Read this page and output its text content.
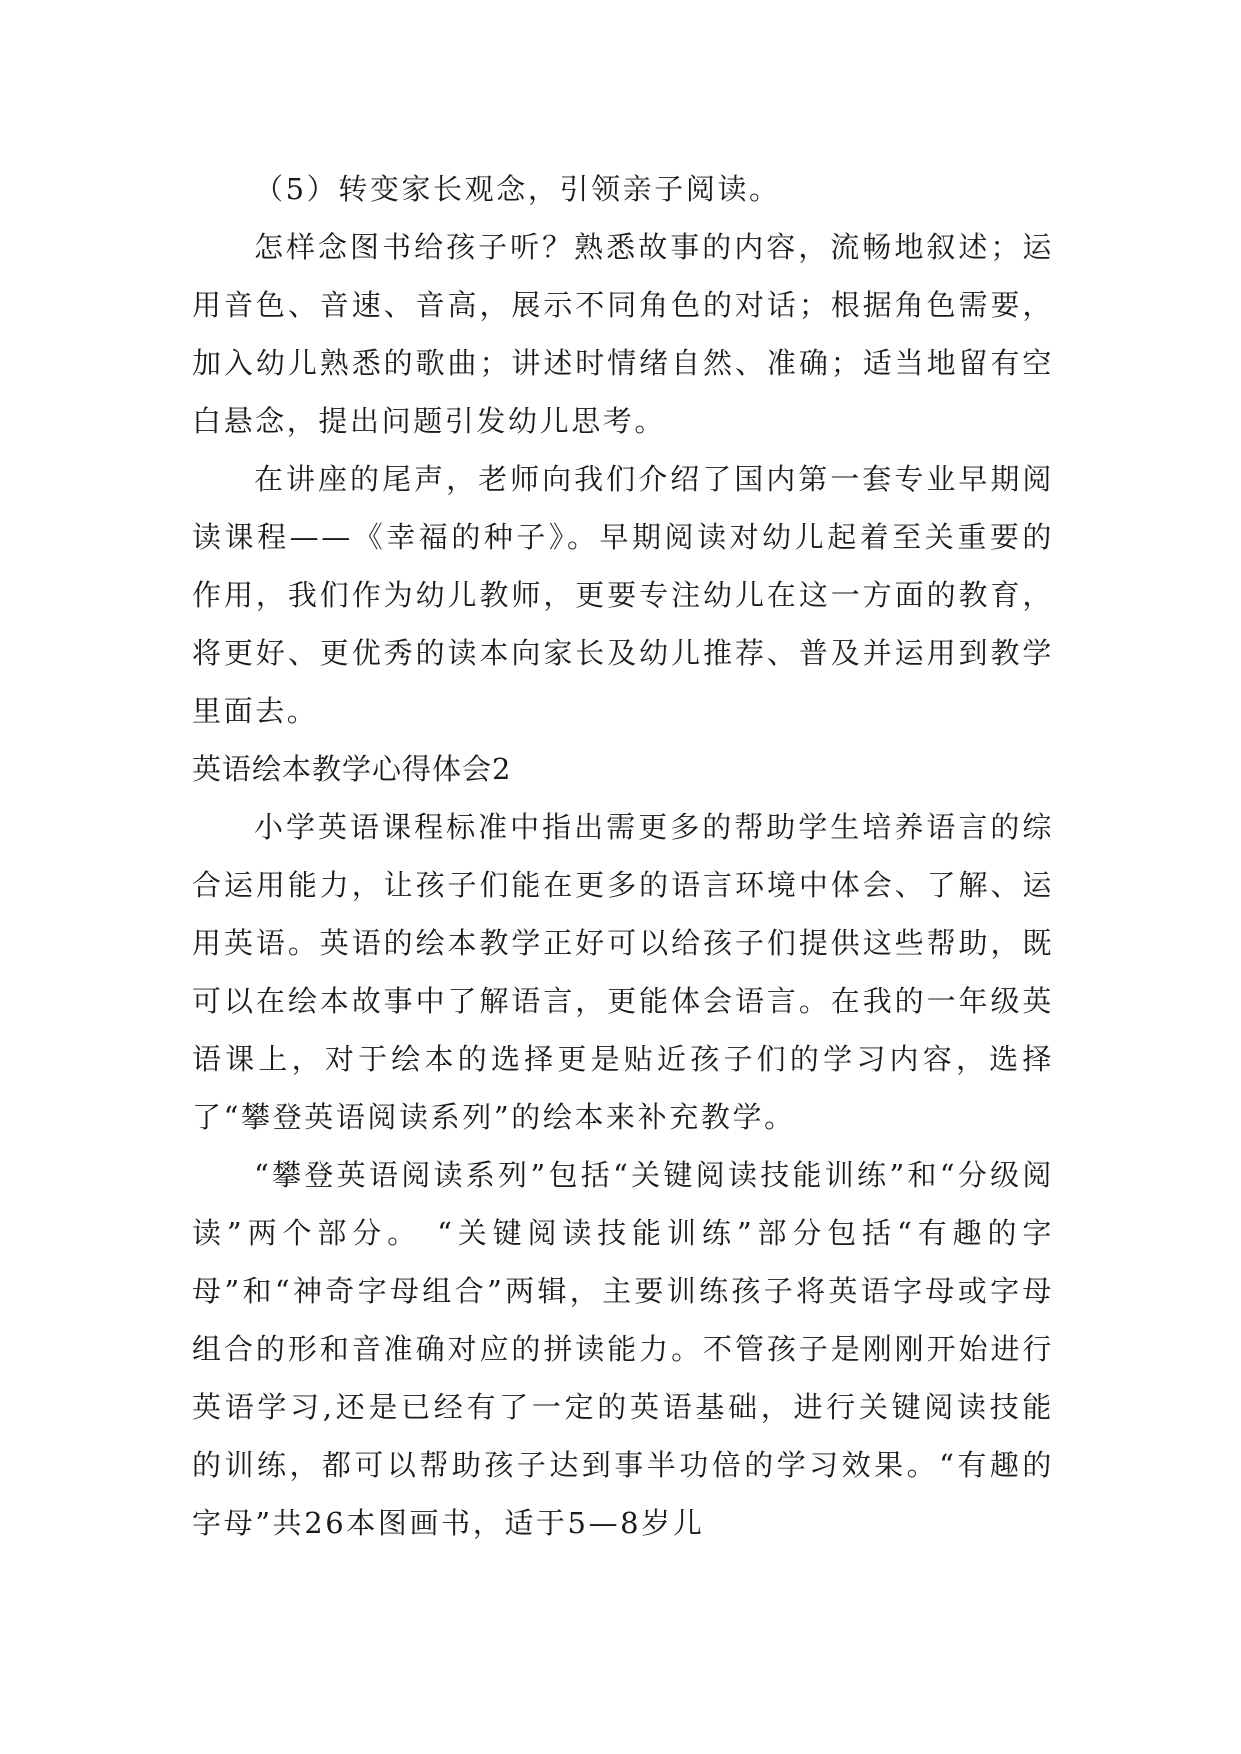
（5）转变家长观念，引领亲子阅读。

怎样念图书给孩子听？熟悉故事的内容，流畅地叙述；运用音色、音速、音高，展示不同角色的对话；根据角色需要，加入幼儿熟悉的歌曲；讲述时情绪自然、准确；适当地留有空白悬念，提出问题引发幼儿思考。

在讲座的尾声，老师向我们介绍了国内第一套专业早期阅读课程——《幸福的种子》。早期阅读对幼儿起着至关重要的作用，我们作为幼儿教师，更要专注幼儿在这一方面的教育，将更好、更优秀的读本向家长及幼儿推荐、普及并运用到教学里面去。

英语绘本教学心得体会2

小学英语课程标准中指出需更多的帮助学生培养语言的综合运用能力，让孩子们能在更多的语言环境中体会、了解、运用英语。英语的绘本教学正好可以给孩子们提供这些帮助，既可以在绘本故事中了解语言，更能体会语言。在我的一年级英语课上，对于绘本的选择更是贴近孩子们的学习内容，选择了“攀登英语阅读系列”的绘本来补充教学。

“攀登英语阅读系列”包括“关键阅读技能训练”和“分级阅读”两个部分。 “关键阅读技能训练”部分包括“有趣的字母”和“神奇字母组合”两辑，主要训练孩子将英语字母或字母组合的形和音准确对应的拼读能力。不管孩子是刚刚开始进行英语学习,还是已经有了一定的英语基础，进行关键阅读技能的训练，都可以帮助孩子达到事半功倍的学习效果。“有趣的字母”共26本图画书，适于5—8岁儿
